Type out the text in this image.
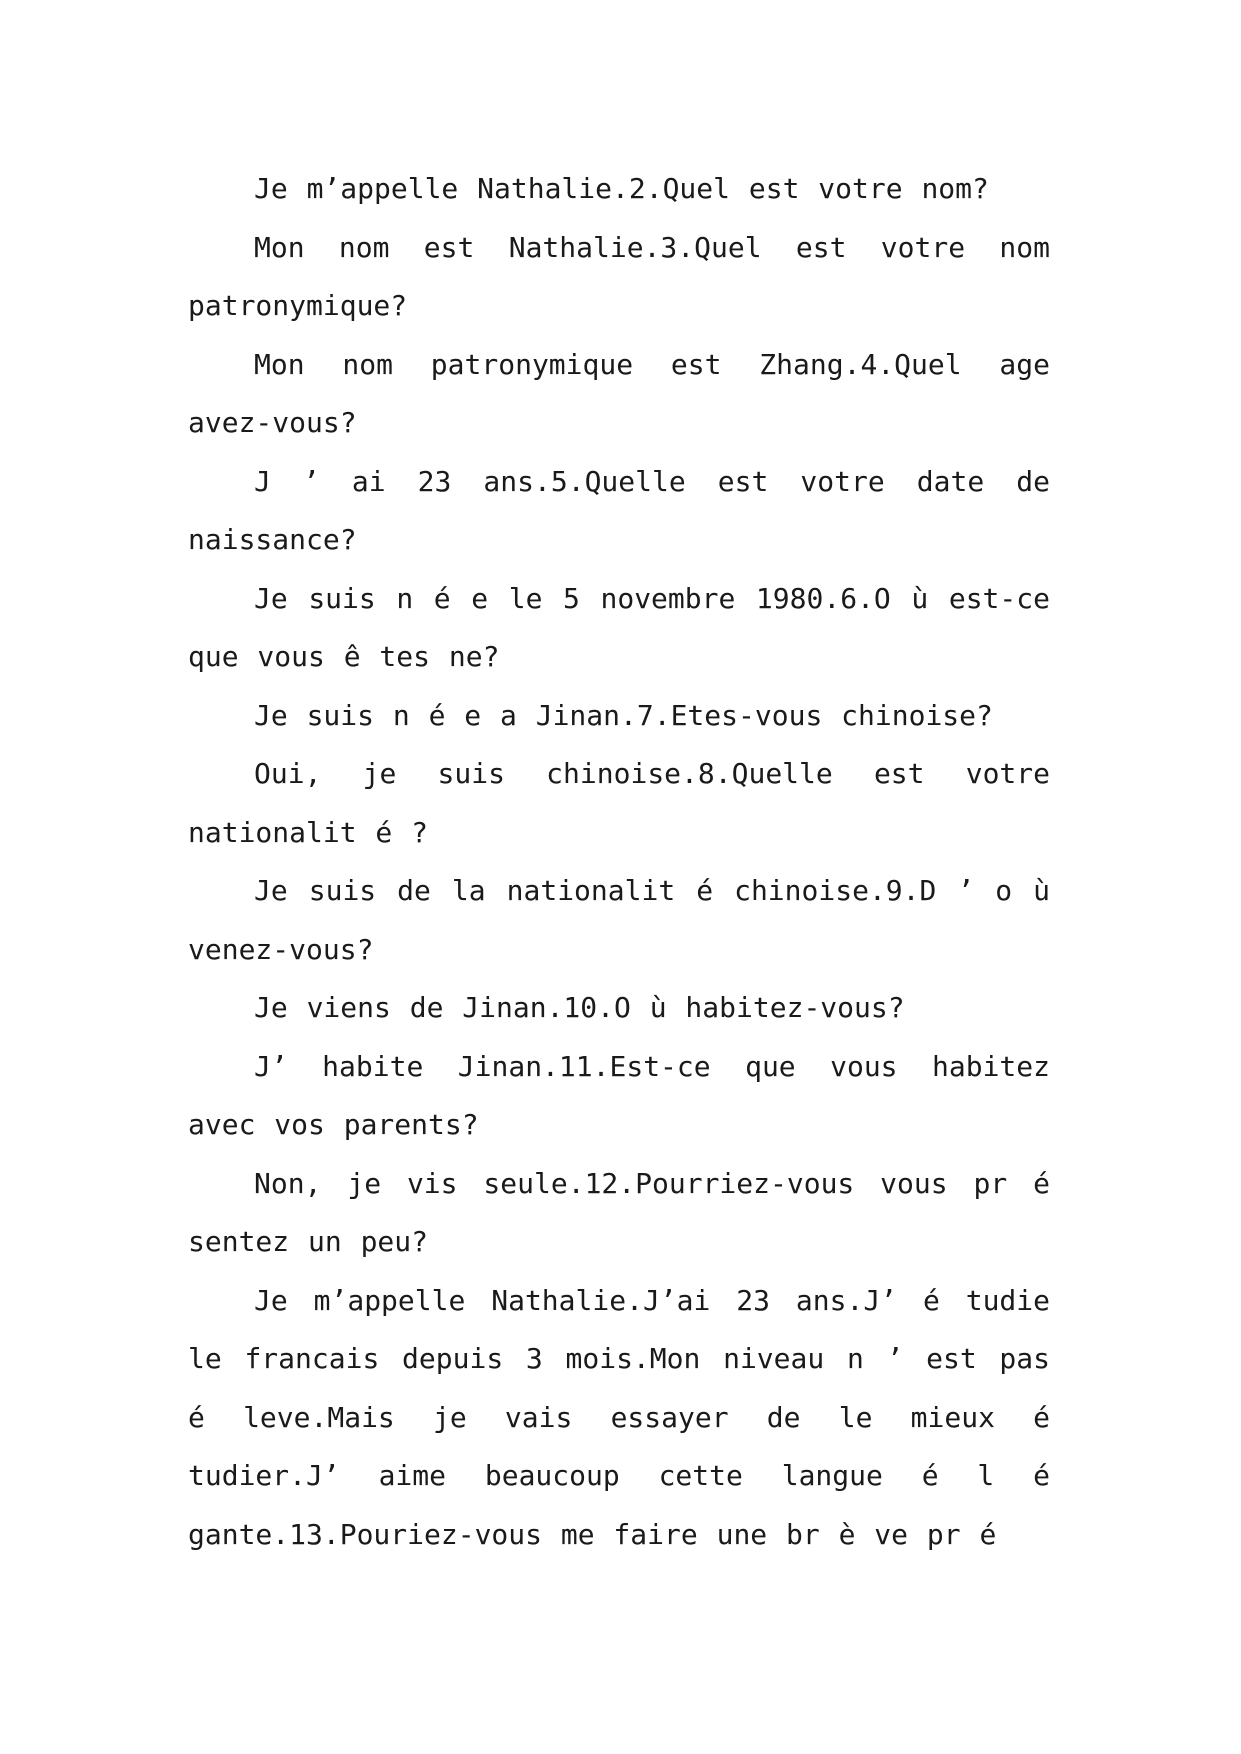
Je m’appelle Nathalie.2.Quel est votre nom?

Mon nom est Nathalie.3.Quel est votre nom patronymique?

Mon nom patronymique est Zhang.4.Quel age avez-vous?

J ’ ai 23 ans.5.Quelle est votre date de naissance?

Je suis n é e le 5 novembre 1980.6.O ù est-ce que vous ê tes ne?

Je suis n é e a Jinan.7.Etes-vous chinoise?

Oui, je suis chinoise.8.Quelle est votre nationalit é ?

Je suis de la nationalit é chinoise.9.D ’ o ù venez-vous?

Je viens de Jinan.10.O ù habitez-vous?

J’ habite Jinan.11.Est-ce que vous habitez avec vos parents?

Non, je vis seule.12.Pourriez-vous vous pr é sentez un peu?

Je m’appelle Nathalie.J’ai 23 ans.J’ é tudie le francais depuis 3 mois.Mon niveau n ’ est pas é leve.Mais je vais essayer de le mieux é tudier.J’ aime beaucoup cette langue é l é gante.13.Pouriez-vous me faire une br è ve pr é
